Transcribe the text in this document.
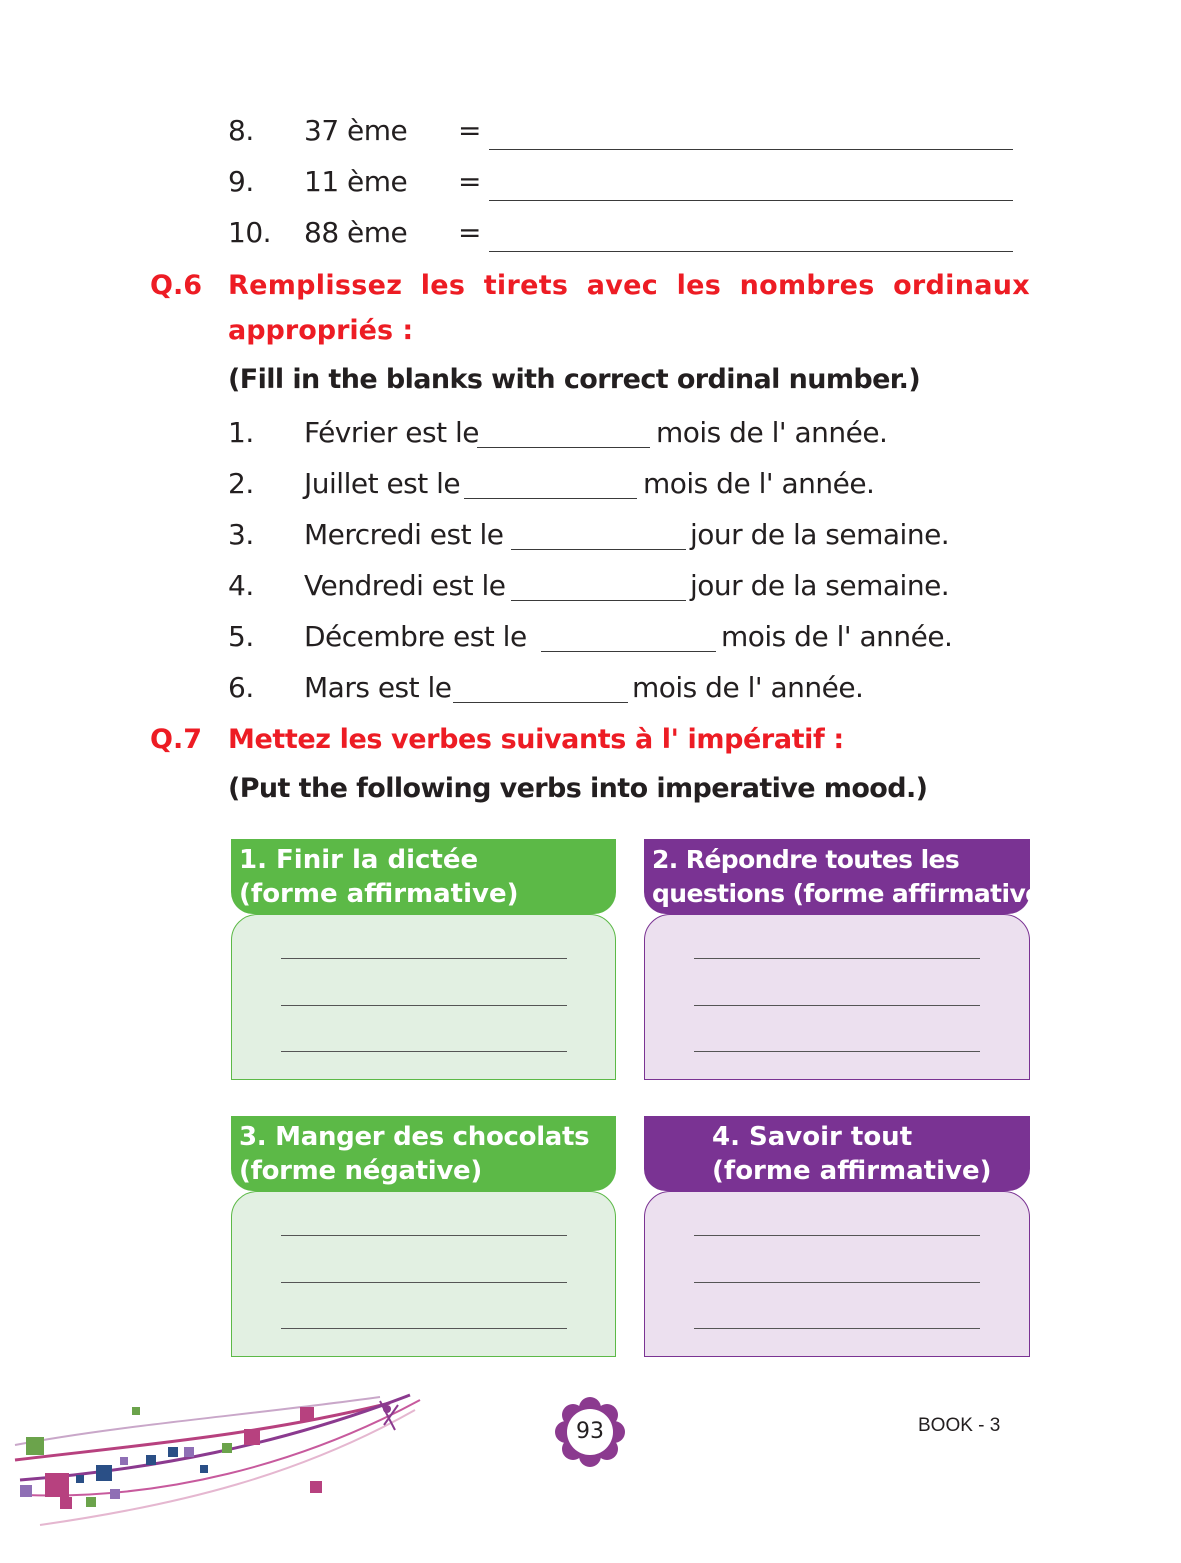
8. 37 ème =
9. 11 ème =
10. 88 ème =
Q.6 Remplissez les tirets avec les nombres ordinaux
appropriés :
(Fill in the blanks with correct ordinal number.)
1. Février est le	mois de l' année.
2. Juillet est le	mois de l' année.
3. Mercredi est le	jour de la semaine.
4. Vendredi est le	jour de la semaine.
5. Décembre est le	mois de l' année.
6. Mars est le	mois de l' année.
Q.7 Mettez les verbes suivants à l' impératif :
(Put the following verbs into imperative mood.)
1. Finir la dictée
(forme affirmative)
2. Répondre toutes les
questions (forme affirmative)
3. Manger des chocolats
(forme négative)
4. Savoir tout
(forme affirmative)
93	BOOK - 3
